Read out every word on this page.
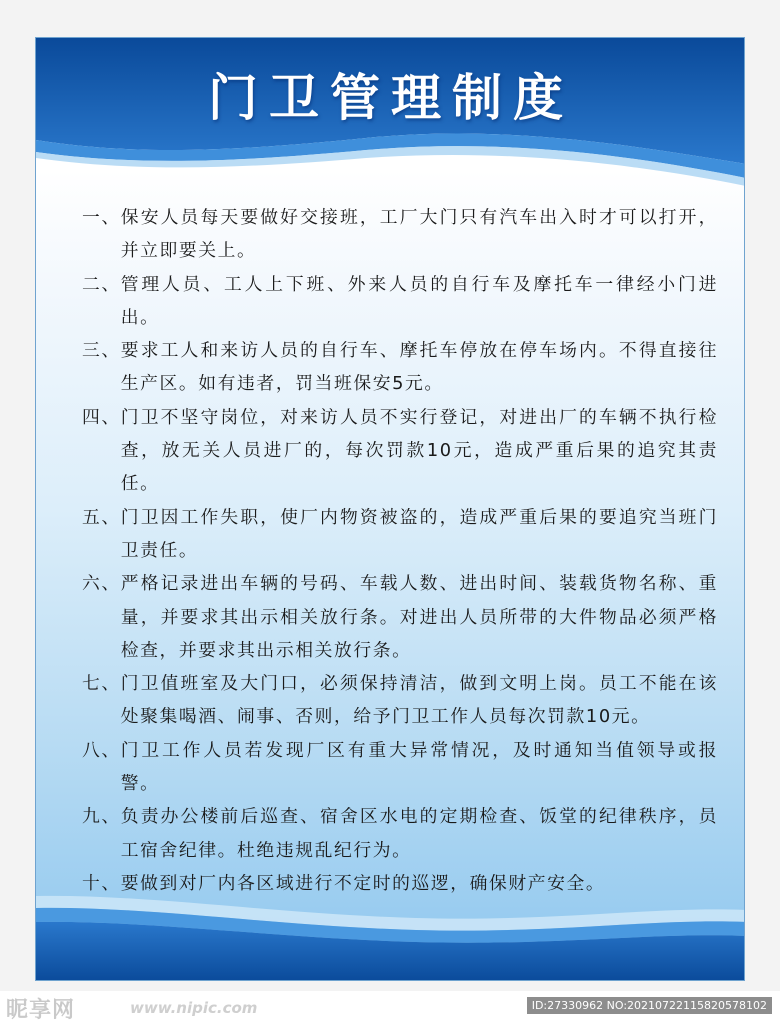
门卫管理制度
一、 保安人员每天要做好交接班，工厂大门只有汽车出入时才可以打开，并立即要关上。
二、 管理人员、工人上下班、外来人员的自行车及摩托车一律经小门进出。
三、 要求工人和来访人员的自行车、摩托车停放在停车场内。不得直接往生产区。如有违者，罚当班保安5元。
四、 门卫不坚守岗位，对来访人员不实行登记，对进出厂的车辆不执行检查，放无关人员进厂的，每次罚款10元，造成严重后果的追究其责任。
五、 门卫因工作失职，使厂内物资被盗的，造成严重后果的要追究当班门卫责任。
六、 严格记录进出车辆的号码、车载人数、进出时间、装载货物名称、重量，并要求其出示相关放行条。对进出人员所带的大件物品必须严格检查，并要求其出示相关放行条。
七、 门卫值班室及大门口，必须保持清洁，做到文明上岗。员工不能在该处聚集喝酒、闹事、否则，给予门卫工作人员每次罚款10元。
八、 门卫工作人员若发现厂区有重大异常情况，及时通知当值领导或报警。
九、 负责办公楼前后巡查、宿舍区水电的定期检查、饭堂的纪律秩序，员工宿舍纪律。杜绝违规乱纪行为。
十、 要做到对厂内各区域进行不定时的巡逻，确保财产安全。
昵享网	www.nipic.com	ID:27330962 NO:20210722115820578102
